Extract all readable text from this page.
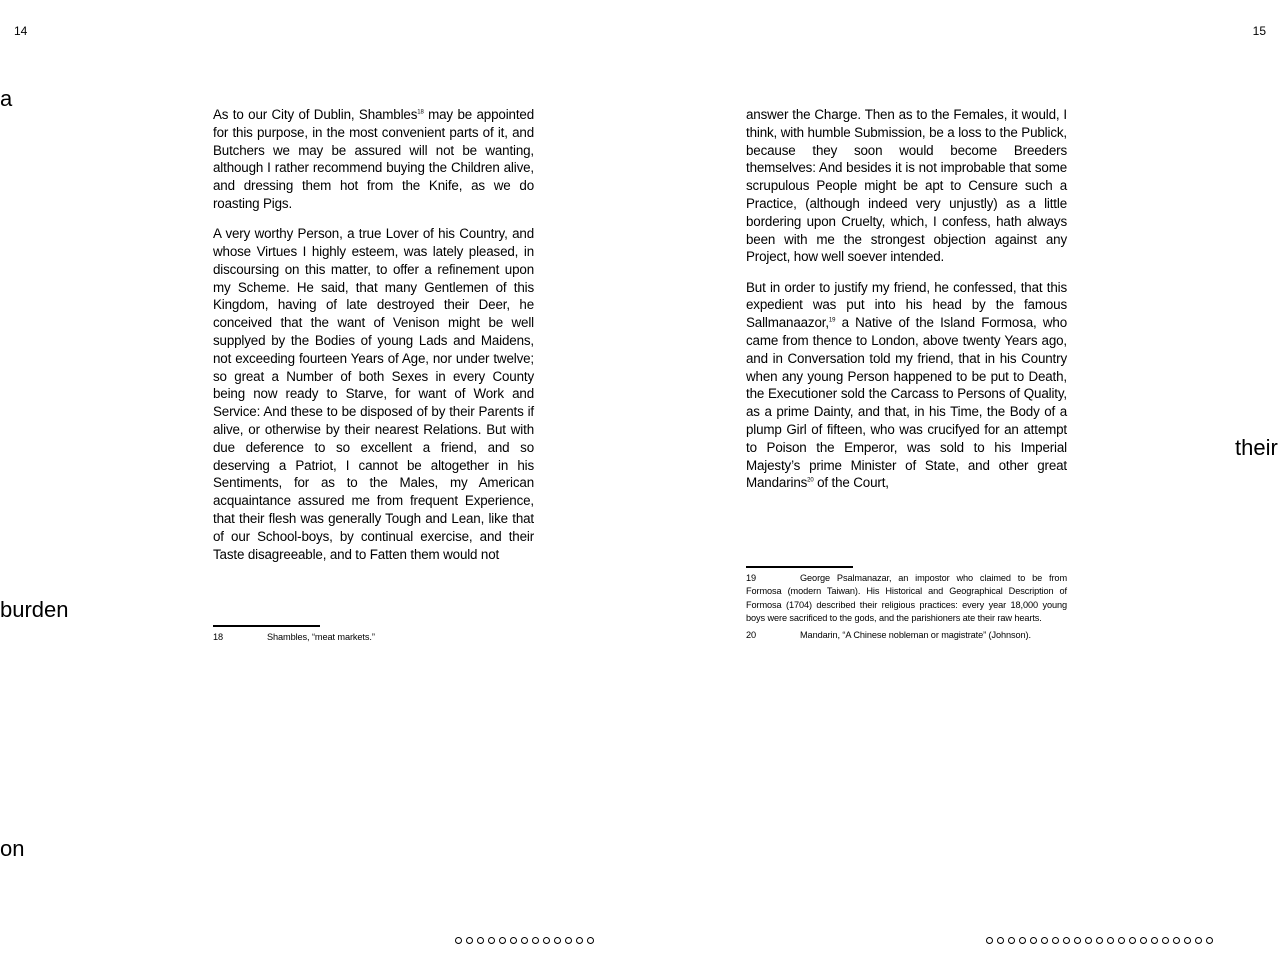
14	15
a
burden
on
their

As to our City of Dublin, Shambles$^{18}$ may be appointed for this purpose, in the most convenient parts of it, and Butchers we may be assured will not be wanting, although I rather recommend buying the Children alive, and dressing them hot from the Knife, as we do roasting Pigs.

A very worthy Person, a true Lover of his Country, and whose Virtues I highly esteem, was lately pleased, in discoursing on this matter, to offer a refinement upon my Scheme. He said, that many Gentlemen of this Kingdom, having of late destroyed their Deer, he conceived that the want of Venison might be well supplyed by the Bodies of young Lads and Maidens, not exceeding fourteen Years of Age, nor under twelve; so great a Number of both Sexes in every County being now ready to Starve, for want of Work and Service: And these to be disposed of by their Parents if alive, or otherwise by their nearest Relations. But with due deference to so excellent a friend, and so deserving a Patriot, I cannot be altogether in his Sentiments, for as to the Males, my American acquaintance assured me from frequent Experience, that their flesh was generally Tough and Lean, like that of our School-boys, by continual exercise, and their Taste disagreeable, and to Fatten them would not

18	Shambles, “meat markets.”

answer the Charge. Then as to the Females, it would, I think, with humble Submission, be a loss to the Publick, because they soon would become Breeders themselves: And besides it is not improbable that some scrupulous People might be apt to Censure such a Practice, (although indeed very unjustly) as a little bordering upon Cruelty, which, I confess, hath always been with me the strongest objection against any Project, how well soever intended.

But in order to justify my friend, he confessed, that this expedient was put into his head by the famous Sallmanaazor,$^{19}$ a Native of the Island Formosa, who came from thence to London, above twenty Years ago, and in Conversation told my friend, that in his Country when any young Person happened to be put to Death, the Executioner sold the Carcass to Persons of Quality, as a prime Dainty, and that, in his Time, the Body of a plump Girl of fifteen, who was crucifyed for an attempt to Poison the Emperor, was sold to his Imperial Majesty’s prime Minister of State, and other great Mandarins$^{20}$ of the Court,

19	George Psalmanazar, an impostor who claimed to be from Formosa (modern Taiwan). His Historical and Geographical Description of Formosa (1704) described their religious practices: every year 18,000 young boys were sacrificed to the gods, and the parishioners ate their raw hearts.
20	Mandarin, “A Chinese nobleman or magistrate” (Johnson).
